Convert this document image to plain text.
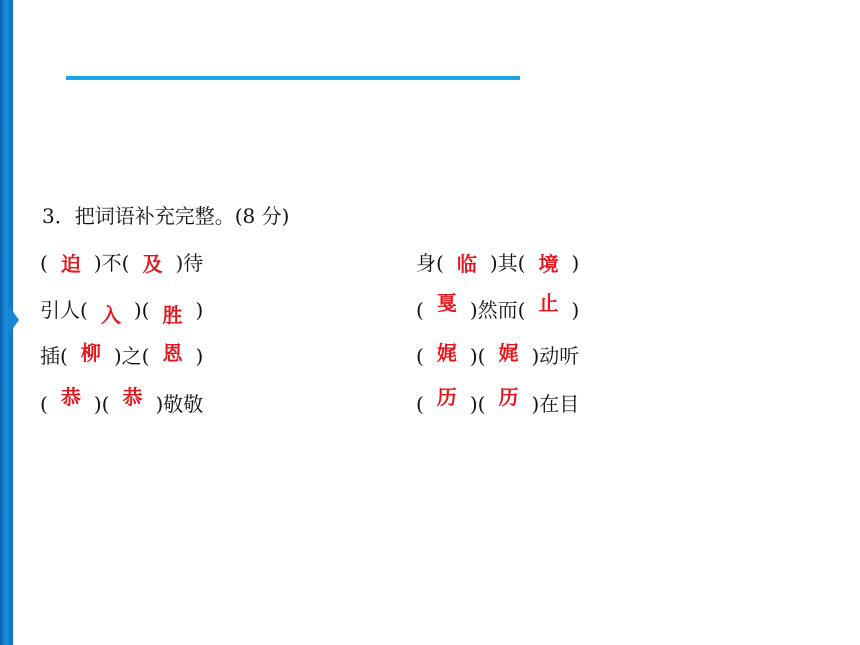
3．把词语补充完整。(8 分)
( 迫 )不( 及 )待	身( 临 )其( 境 )
引人( 入 )( 胜 )	( 戛 )然而( 止 )
插( 柳 )之( 恩 )	( 娓 )( 娓 )动听
( 恭 )( 恭 )敬敬	( 历 )( 历 )在目
